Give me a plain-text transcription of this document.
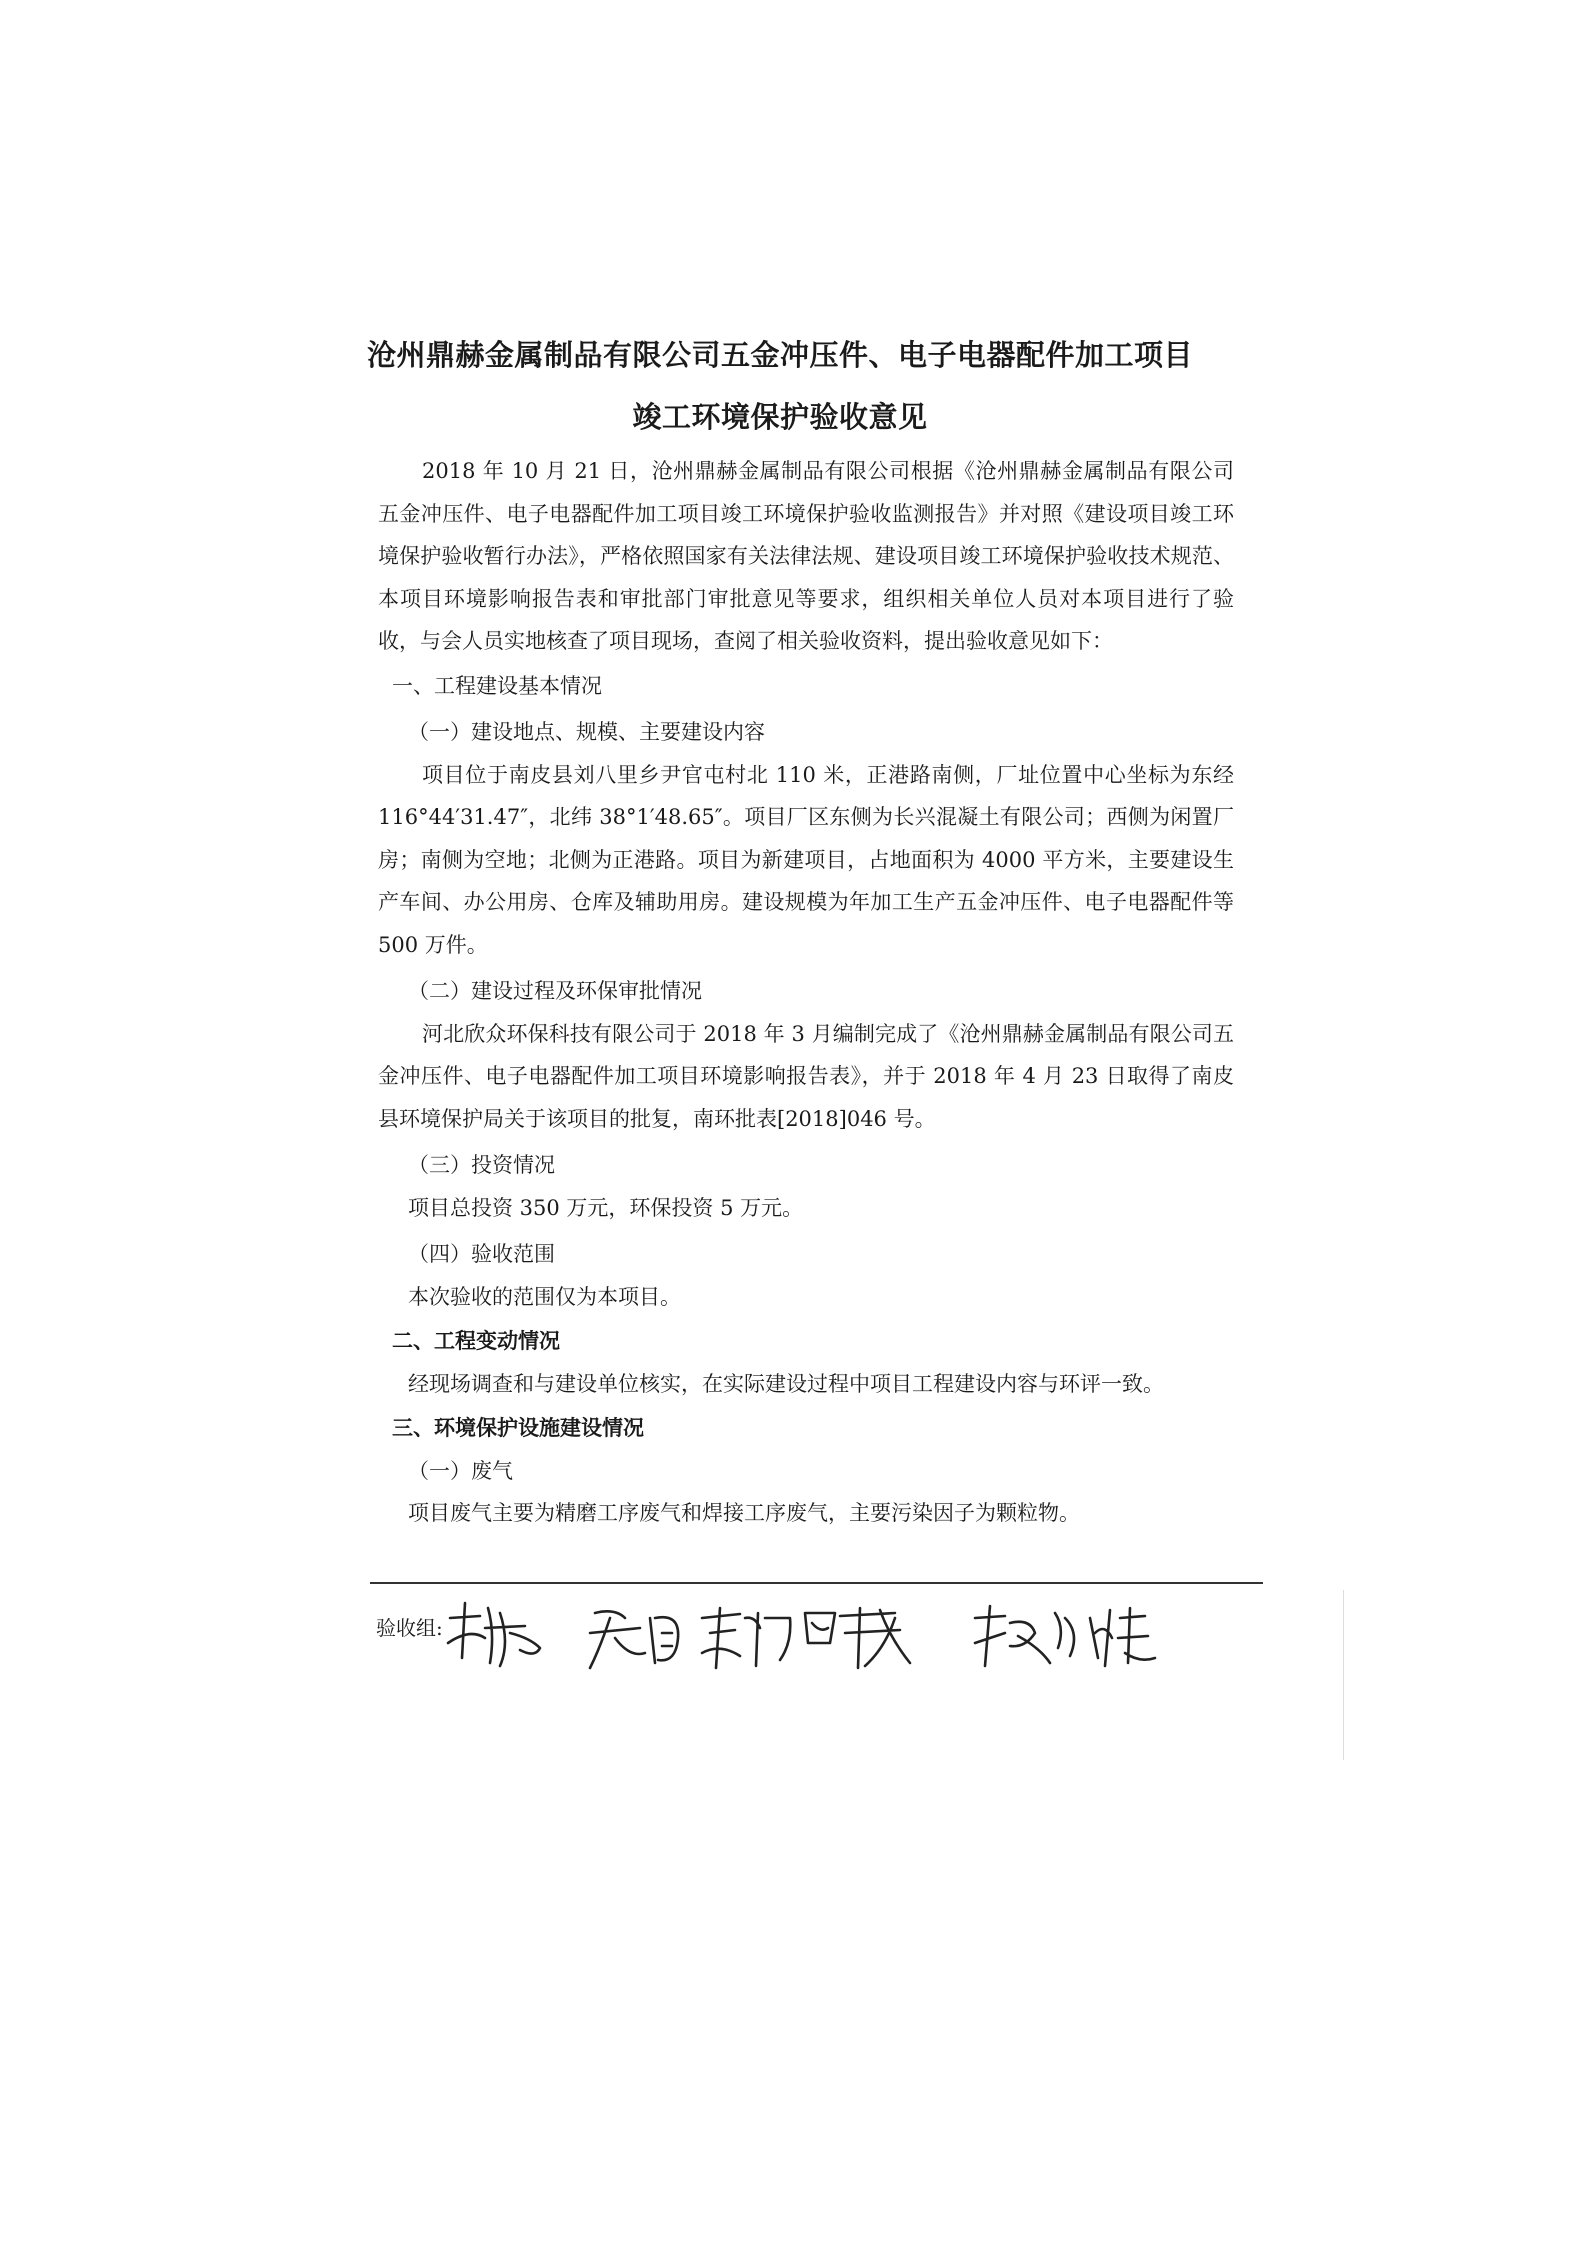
沧州鼎赫金属制品有限公司五金冲压件、电子电器配件加工项目
竣工环境保护验收意见

2018 年 10 月 21 日，沧州鼎赫金属制品有限公司根据《沧州鼎赫金属制品有限公司五金冲压件、电子电器配件加工项目竣工环境保护验收监测报告》并对照《建设项目竣工环境保护验收暂行办法》，严格依照国家有关法律法规、建设项目竣工环境保护验收技术规范、本项目环境影响报告表和审批部门审批意见等要求，组织相关单位人员对本项目进行了验收，与会人员实地核查了项目现场，查阅了相关验收资料，提出验收意见如下：

一、工程建设基本情况

（一）建设地点、规模、主要建设内容

项目位于南皮县刘八里乡尹官屯村北 110 米，正港路南侧，厂址位置中心坐标为东经 116°44′31.47″，北纬 38°1′48.65″。项目厂区东侧为长兴混凝土有限公司；西侧为闲置厂房；南侧为空地；北侧为正港路。项目为新建项目，占地面积为 4000 平方米，主要建设生产车间、办公用房、仓库及辅助用房。建设规模为年加工生产五金冲压件、电子电器配件等 500 万件。

（二）建设过程及环保审批情况

河北欣众环保科技有限公司于 2018 年 3 月编制完成了《沧州鼎赫金属制品有限公司五金冲压件、电子电器配件加工项目环境影响报告表》，并于 2018 年 4 月 23 日取得了南皮县环境保护局关于该项目的批复，南环批表[2018]046 号。

（三）投资情况

项目总投资 350 万元，环保投资 5 万元。

（四）验收范围

本次验收的范围仅为本项目。

二、工程变动情况

经现场调查和与建设单位核实，在实际建设过程中项目工程建设内容与环评一致。

三、环境保护设施建设情况

（一）废气

项目废气主要为精磨工序废气和焊接工序废气，主要污染因子为颗粒物。

验收组:
